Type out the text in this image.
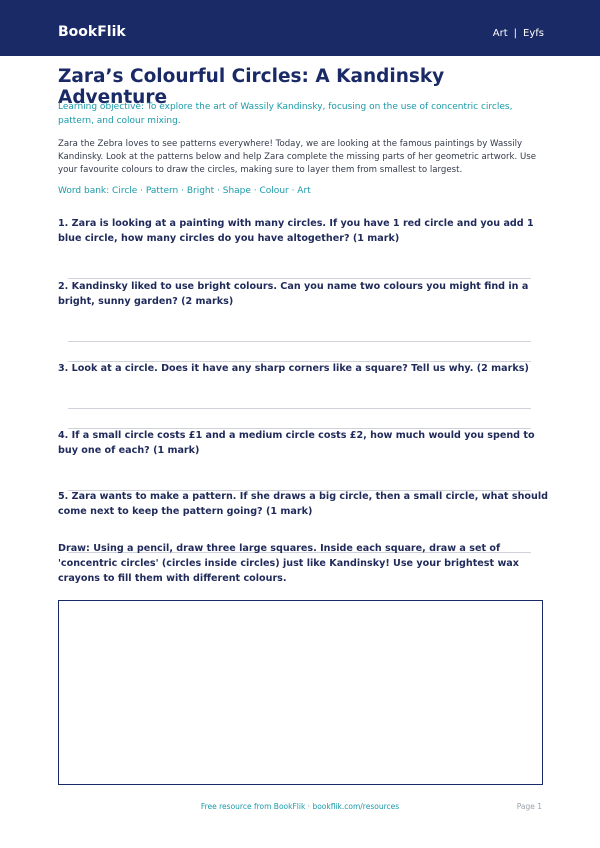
BookFlik	Art | Eyfs
Zara’s Colourful Circles: A Kandinsky Adventure
Learning objective: To explore the art of Wassily Kandinsky, focusing on the use of concentric circles, pattern, and colour mixing.
Zara the Zebra loves to see patterns everywhere! Today, we are looking at the famous paintings by Wassily Kandinsky. Look at the patterns below and help Zara complete the missing parts of her geometric artwork. Use your favourite colours to draw the circles, making sure to layer them from smallest to largest.
Word bank: Circle · Pattern · Bright · Shape · Colour · Art
1. Zara is looking at a painting with many circles. If you have 1 red circle and you add 1 blue circle, how many circles do you have altogether? (1 mark)
2. Kandinsky liked to use bright colours. Can you name two colours you might find in a bright, sunny garden? (2 marks)
3. Look at a circle. Does it have any sharp corners like a square? Tell us why. (2 marks)
4. If a small circle costs £1 and a medium circle costs £2, how much would you spend to buy one of each? (1 mark)
5. Zara wants to make a pattern. If she draws a big circle, then a small circle, what should come next to keep the pattern going? (1 mark)
Draw: Using a pencil, draw three large squares. Inside each square, draw a set of 'concentric circles' (circles inside circles) just like Kandinsky! Use your brightest wax crayons to fill them with different colours.
Free resource from BookFlik · bookflik.com/resources	Page 1
